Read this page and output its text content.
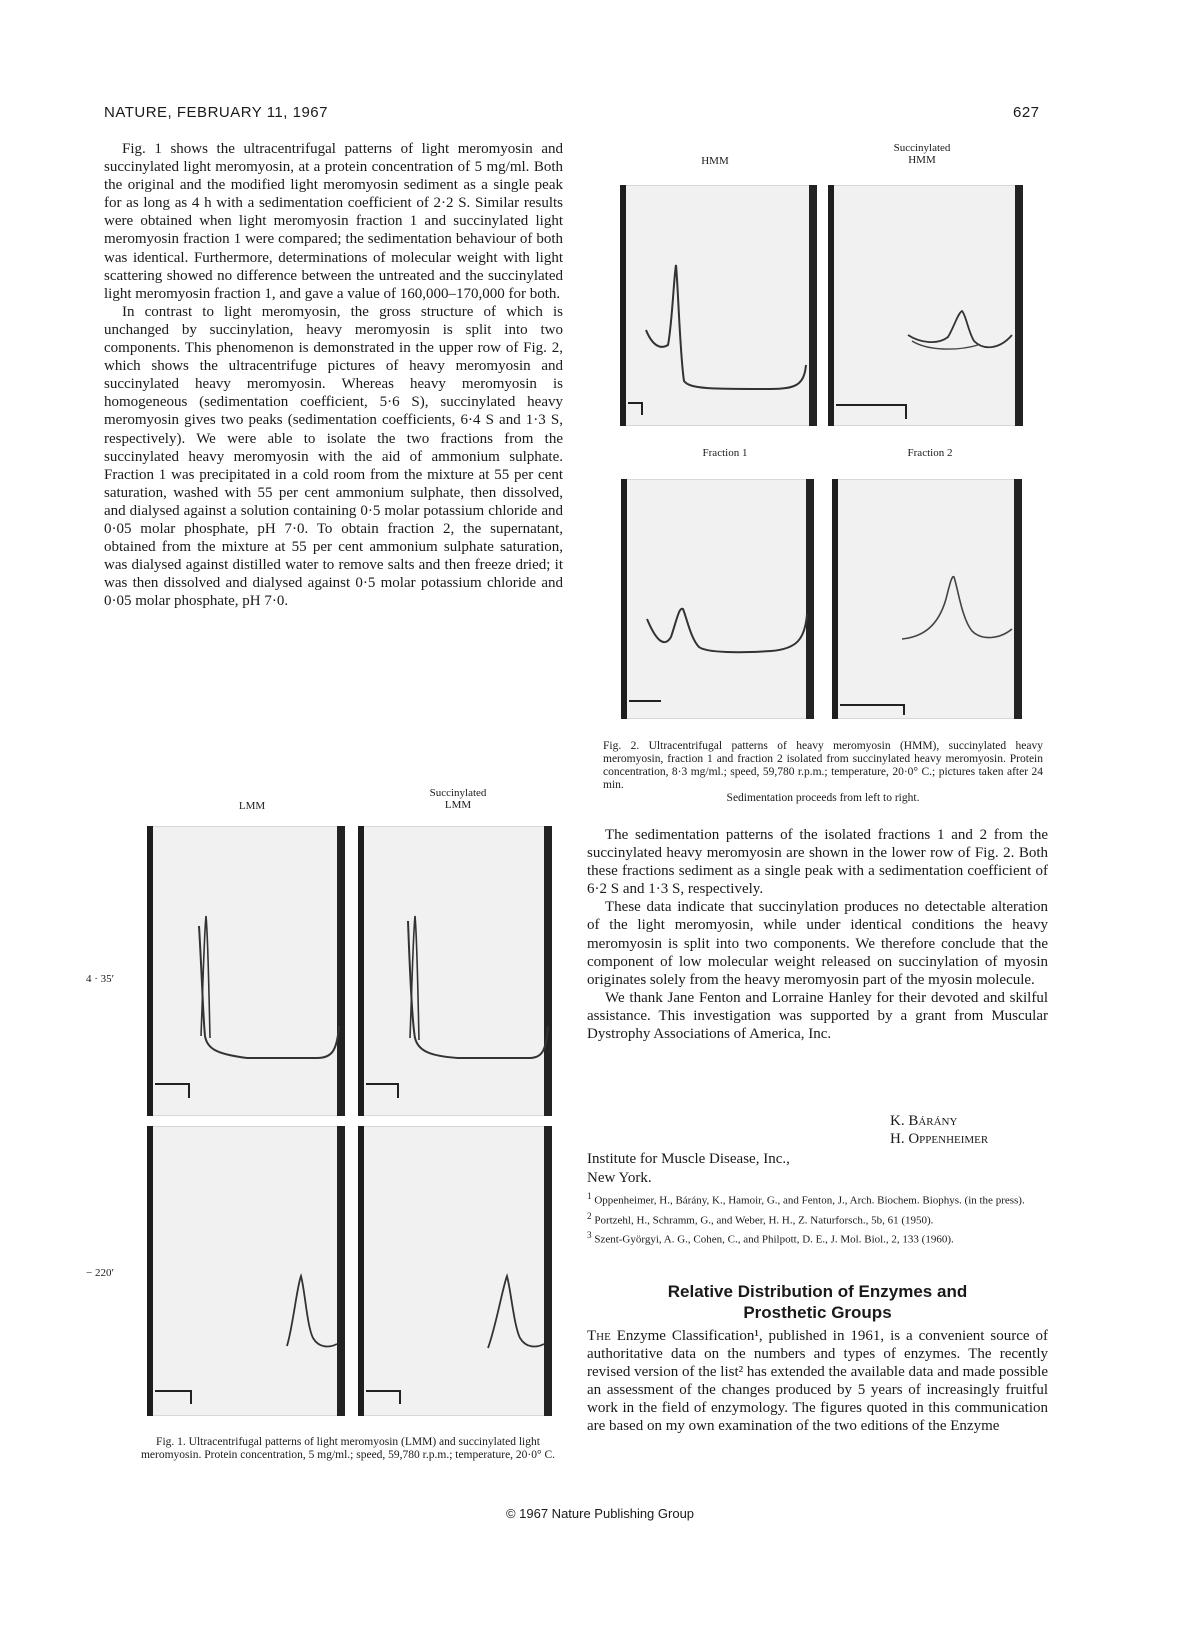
NATURE, FEBRUARY 11, 1967	627

Fig. 1 shows the ultracentrifugal patterns of light meromyosin and succinylated light meromyosin, at a protein concentration of 5 mg/ml. Both the original and the modified light meromyosin sediment as a single peak for as long as 4 h with a sedimentation coefficient of 2·2 S. Similar results were obtained when light meromyosin fraction 1 and succinylated light meromyosin fraction 1 were compared; the sedimentation behaviour of both was identical. Furthermore, determinations of molecular weight with light scattering showed no difference between the untreated and the succinylated light meromyosin fraction 1, and gave a value of 160,000–170,000 for both.

In contrast to light meromyosin, the gross structure of which is unchanged by succinylation, heavy meromyosin is split into two components. This phenomenon is demonstrated in the upper row of Fig. 2, which shows the ultracentrifuge pictures of heavy meromyosin and succinylated heavy meromyosin. Whereas heavy meromyosin is homogeneous (sedimentation coefficient, 5·6 S), succinylated heavy meromyosin gives two peaks (sedimentation coefficients, 6·4 S and 1·3 S, respectively). We were able to isolate the two fractions from the succinylated heavy meromyosin with the aid of ammonium sulphate. Fraction 1 was precipitated in a cold room from the mixture at 55 per cent saturation, washed with 55 per cent ammonium sulphate, then dissolved, and dialysed against a solution containing 0·5 molar potassium chloride and 0·05 molar phosphate, pH 7·0. To obtain fraction 2, the supernatant, obtained from the mixture at 55 per cent ammonium sulphate saturation, was dialysed against distilled water to remove salts and then freeze dried; it was then dissolved and dialysed against 0·5 molar potassium chloride and 0·05 molar phosphate, pH 7·0.

LMM
Succinylated
LMM
4 · 35′
− 220′
Fig. 1. Ultracentrifugal patterns of light meromyosin (LMM) and succinylated light meromyosin. Protein concentration, 5 mg/ml.; speed, 59,780 r.p.m.; temperature, 20·0° C.
HMM
Succinylated
HMM
Fraction 1	Fraction 2
Fig. 2. Ultracentrifugal patterns of heavy meromyosin (HMM), succinylated heavy meromyosin, fraction 1 and fraction 2 isolated from succinylated heavy meromyosin. Protein concentration, 8·3 mg/ml.; speed, 59,780 r.p.m.; temperature, 20·0° C.; pictures taken after 24 min.
Sedimentation proceeds from left to right.

The sedimentation patterns of the isolated fractions 1 and 2 from the succinylated heavy meromyosin are shown in the lower row of Fig. 2. Both these fractions sediment as a single peak with a sedimentation coefficient of 6·2 S and 1·3 S, respectively.

These data indicate that succinylation produces no detectable alteration of the light meromyosin, while under identical conditions the heavy meromyosin is split into two components. We therefore conclude that the component of low molecular weight released on succinylation of myosin originates solely from the heavy meromyosin part of the myosin molecule.

We thank Jane Fenton and Lorraine Hanley for their devoted and skilful assistance. This investigation was supported by a grant from Muscular Dystrophy Associations of America, Inc.

K. Bárány
H. Oppenheimer
Institute for Muscle Disease, Inc.,
New York.
$^1$ Oppenheimer, H., Bárány, K., Hamoir, G., and Fenton, J., Arch. Biochem. Biophys. (in the press).
$^2$ Portzehl, H., Schramm, G., and Weber, H. H., Z. Naturforsch., 5b, 61 (1950).
$^3$ Szent-Györgyi, A. G., Cohen, C., and Philpott, D. E., J. Mol. Biol., 2, 133 (1960).
Relative Distribution of Enzymes and
Prosthetic Groups

The Enzyme Classification¹, published in 1961, is a convenient source of authoritative data on the numbers and types of enzymes. The recently revised version of the list² has extended the available data and made possible an assessment of the changes produced by 5 years of increasingly fruitful work in the field of enzymology. The figures quoted in this communication are based on my own examination of the two editions of the Enzyme

© 1967 Nature Publishing Group
